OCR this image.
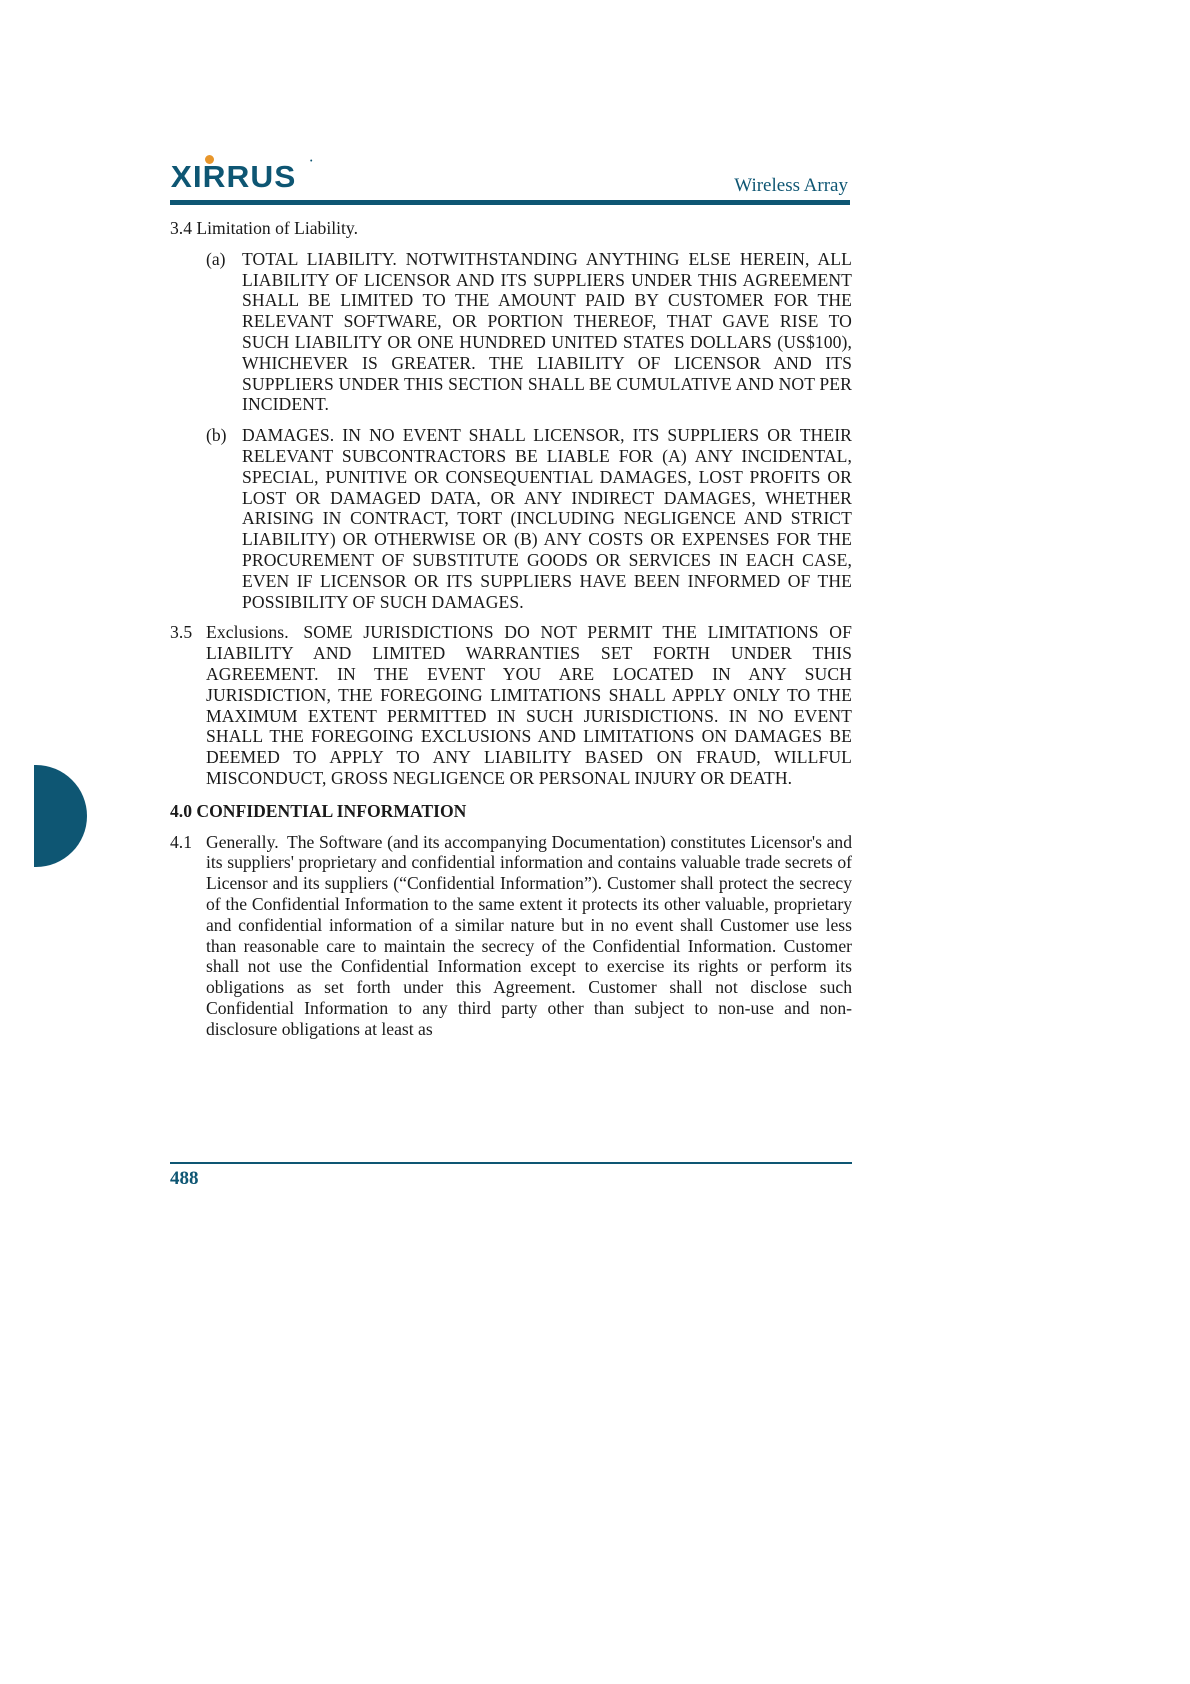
XIRRUS •
Wireless Array

3.4 Limitation of Liability.

(a) TOTAL LIABILITY. NOTWITHSTANDING ANYTHING ELSE HEREIN, ALL LIABILITY OF LICENSOR AND ITS SUPPLIERS UNDER THIS AGREEMENT SHALL BE LIMITED TO THE AMOUNT PAID BY CUSTOMER FOR THE RELEVANT SOFTWARE, OR PORTION THEREOF, THAT GAVE RISE TO SUCH LIABILITY OR ONE HUNDRED UNITED STATES DOLLARS (US$100), WHICHEVER IS GREATER. THE LIABILITY OF LICENSOR AND ITS SUPPLIERS UNDER THIS SECTION SHALL BE CUMULATIVE AND NOT PER INCIDENT.

(b) DAMAGES. IN NO EVENT SHALL LICENSOR, ITS SUPPLIERS OR THEIR RELEVANT SUBCONTRACTORS BE LIABLE FOR (A) ANY INCIDENTAL, SPECIAL, PUNITIVE OR CONSEQUENTIAL DAMAGES, LOST PROFITS OR LOST OR DAMAGED DATA, OR ANY INDIRECT DAMAGES, WHETHER ARISING IN CONTRACT, TORT (INCLUDING NEGLIGENCE AND STRICT LIABILITY) OR OTHERWISE OR (B) ANY COSTS OR EXPENSES FOR THE PROCUREMENT OF SUBSTITUTE GOODS OR SERVICES IN EACH CASE, EVEN IF LICENSOR OR ITS SUPPLIERS HAVE BEEN INFORMED OF THE POSSIBILITY OF SUCH DAMAGES.

3.5 Exclusions. SOME JURISDICTIONS DO NOT PERMIT THE LIMITATIONS OF LIABILITY AND LIMITED WARRANTIES SET FORTH UNDER THIS AGREEMENT. IN THE EVENT YOU ARE LOCATED IN ANY SUCH JURISDICTION, THE FOREGOING LIMITATIONS SHALL APPLY ONLY TO THE MAXIMUM EXTENT PERMITTED IN SUCH JURISDICTIONS. IN NO EVENT SHALL THE FOREGOING EXCLUSIONS AND LIMITATIONS ON DAMAGES BE DEEMED TO APPLY TO ANY LIABILITY BASED ON FRAUD, WILLFUL MISCONDUCT, GROSS NEGLIGENCE OR PERSONAL INJURY OR DEATH.

4.0 CONFIDENTIAL INFORMATION

4.1 Generally. The Software (and its accompanying Documentation) constitutes Licensor's and its suppliers' proprietary and confidential information and contains valuable trade secrets of Licensor and its suppliers (“Confidential Information”). Customer shall protect the secrecy of the Confidential Information to the same extent it protects its other valuable, proprietary and confidential information of a similar nature but in no event shall Customer use less than reasonable care to maintain the secrecy of the Confidential Information. Customer shall not use the Confidential Information except to exercise its rights or perform its obligations as set forth under this Agreement. Customer shall not disclose such Confidential Information to any third party other than subject to non-use and non-disclosure obligations at least as
488
